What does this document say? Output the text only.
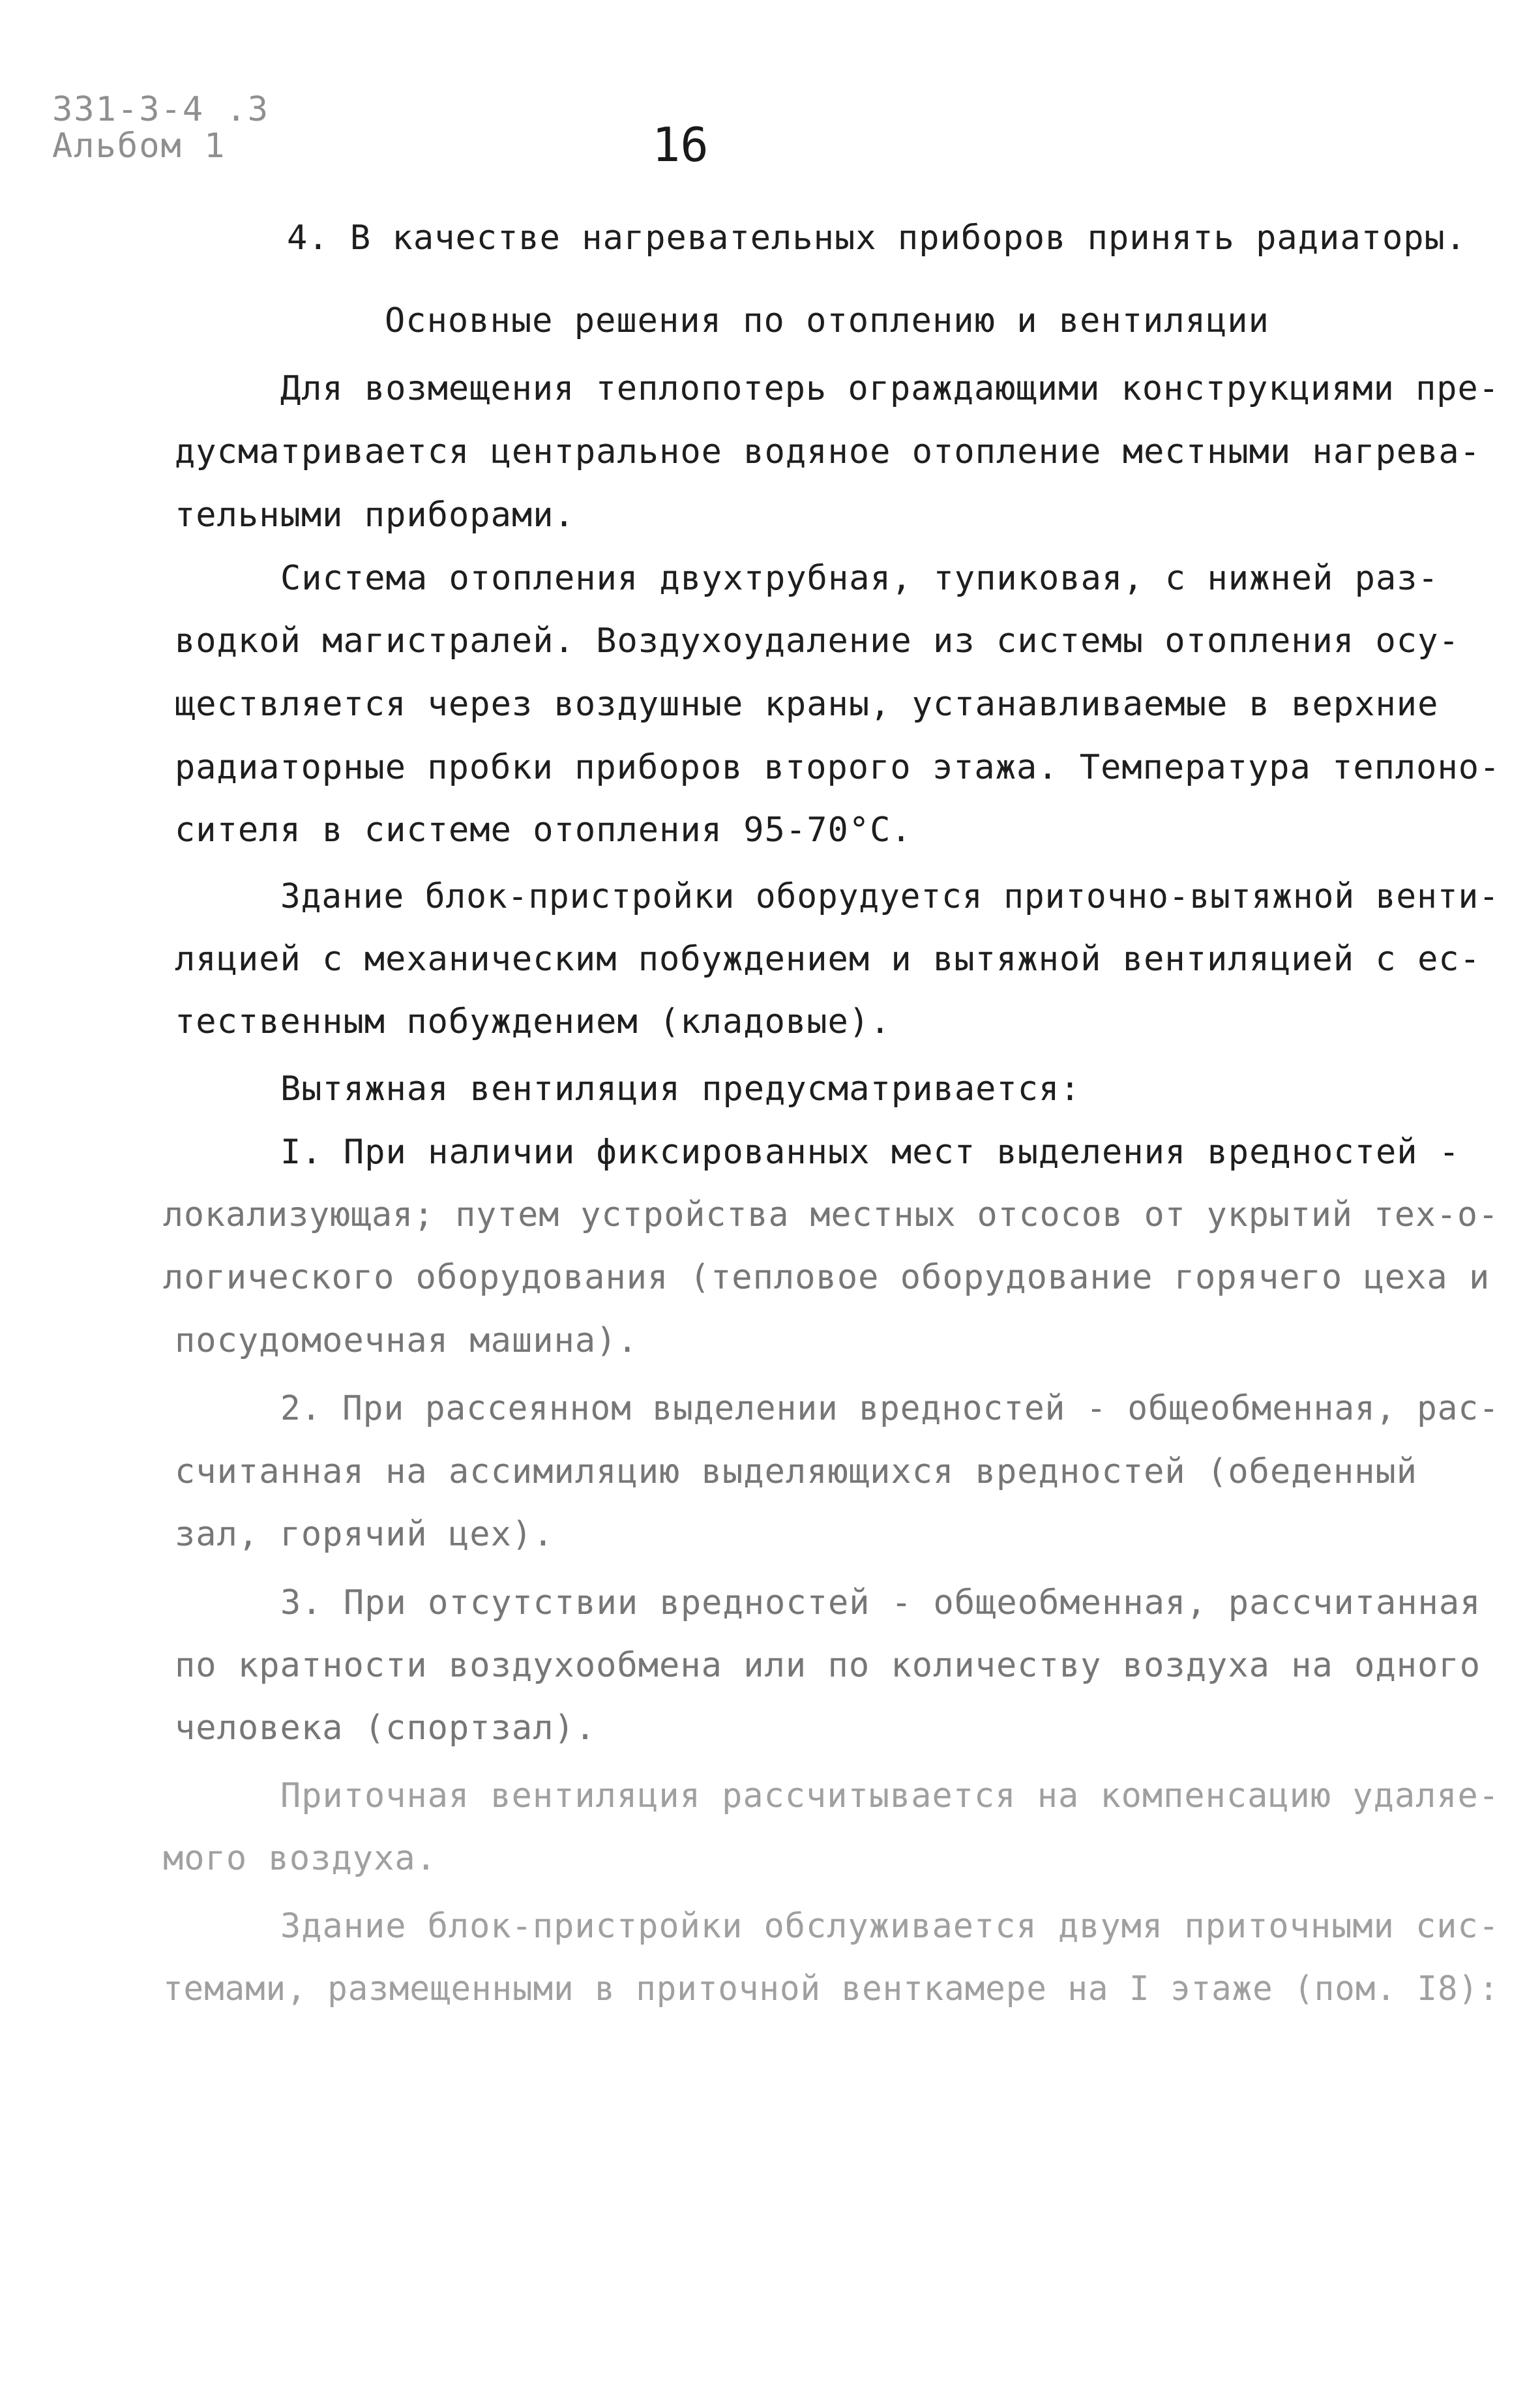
ЗЗ1-З-4 .З
Альбом 1	16
4. В качестве нагревательных приборов принять радиаторы.
Основные решения по отоплению и вентиляции
Для возмещения теплопотерь ограждающими конструкциями пре-
дусматривается центральное водяное отопление местными нагрева-
тельными приборами.
Система отопления двухтрубная, тупиковая, с нижней раз-
водкой магистралей. Воздухоудаление из системы отопления осу-
ществляется через воздушные краны, устанавливаемые в верхние
радиаторные пробки приборов второго этажа. Температура теплоно-
сителя в системе отопления 95-70°С.
Здание блок-пристройки оборудуется приточно-вытяжной венти-
ляцией с механическим побуждением и вытяжной вентиляцией с ес-
тественным побуждением (кладовые).
Вытяжная вентиляция предусматривается:
I. При наличии фиксированных мест выделения вредностей -
локализующая; путем устройства местных отсосов от укрытий тех-о-
логического оборудования (тепловое оборудование горячего цеха и
посудомоечная машина).
2. При рассеянном выделении вредностей - общеобменная, рас-
считанная на ассимиляцию выделяющихся вредностей (обеденный
зал, горячий цех).
3. При отсутствии вредностей - общеобменная, рассчитанная
по кратности воздухообмена или по количеству воздуха на одного
человека (спортзал).
Приточная вентиляция рассчитывается на компенсацию удаляе-
мого воздуха.
Здание блок-пристройки обслуживается двумя приточными сис-
темами, размещенными в приточной венткамере на I этаже (пом. I8):
